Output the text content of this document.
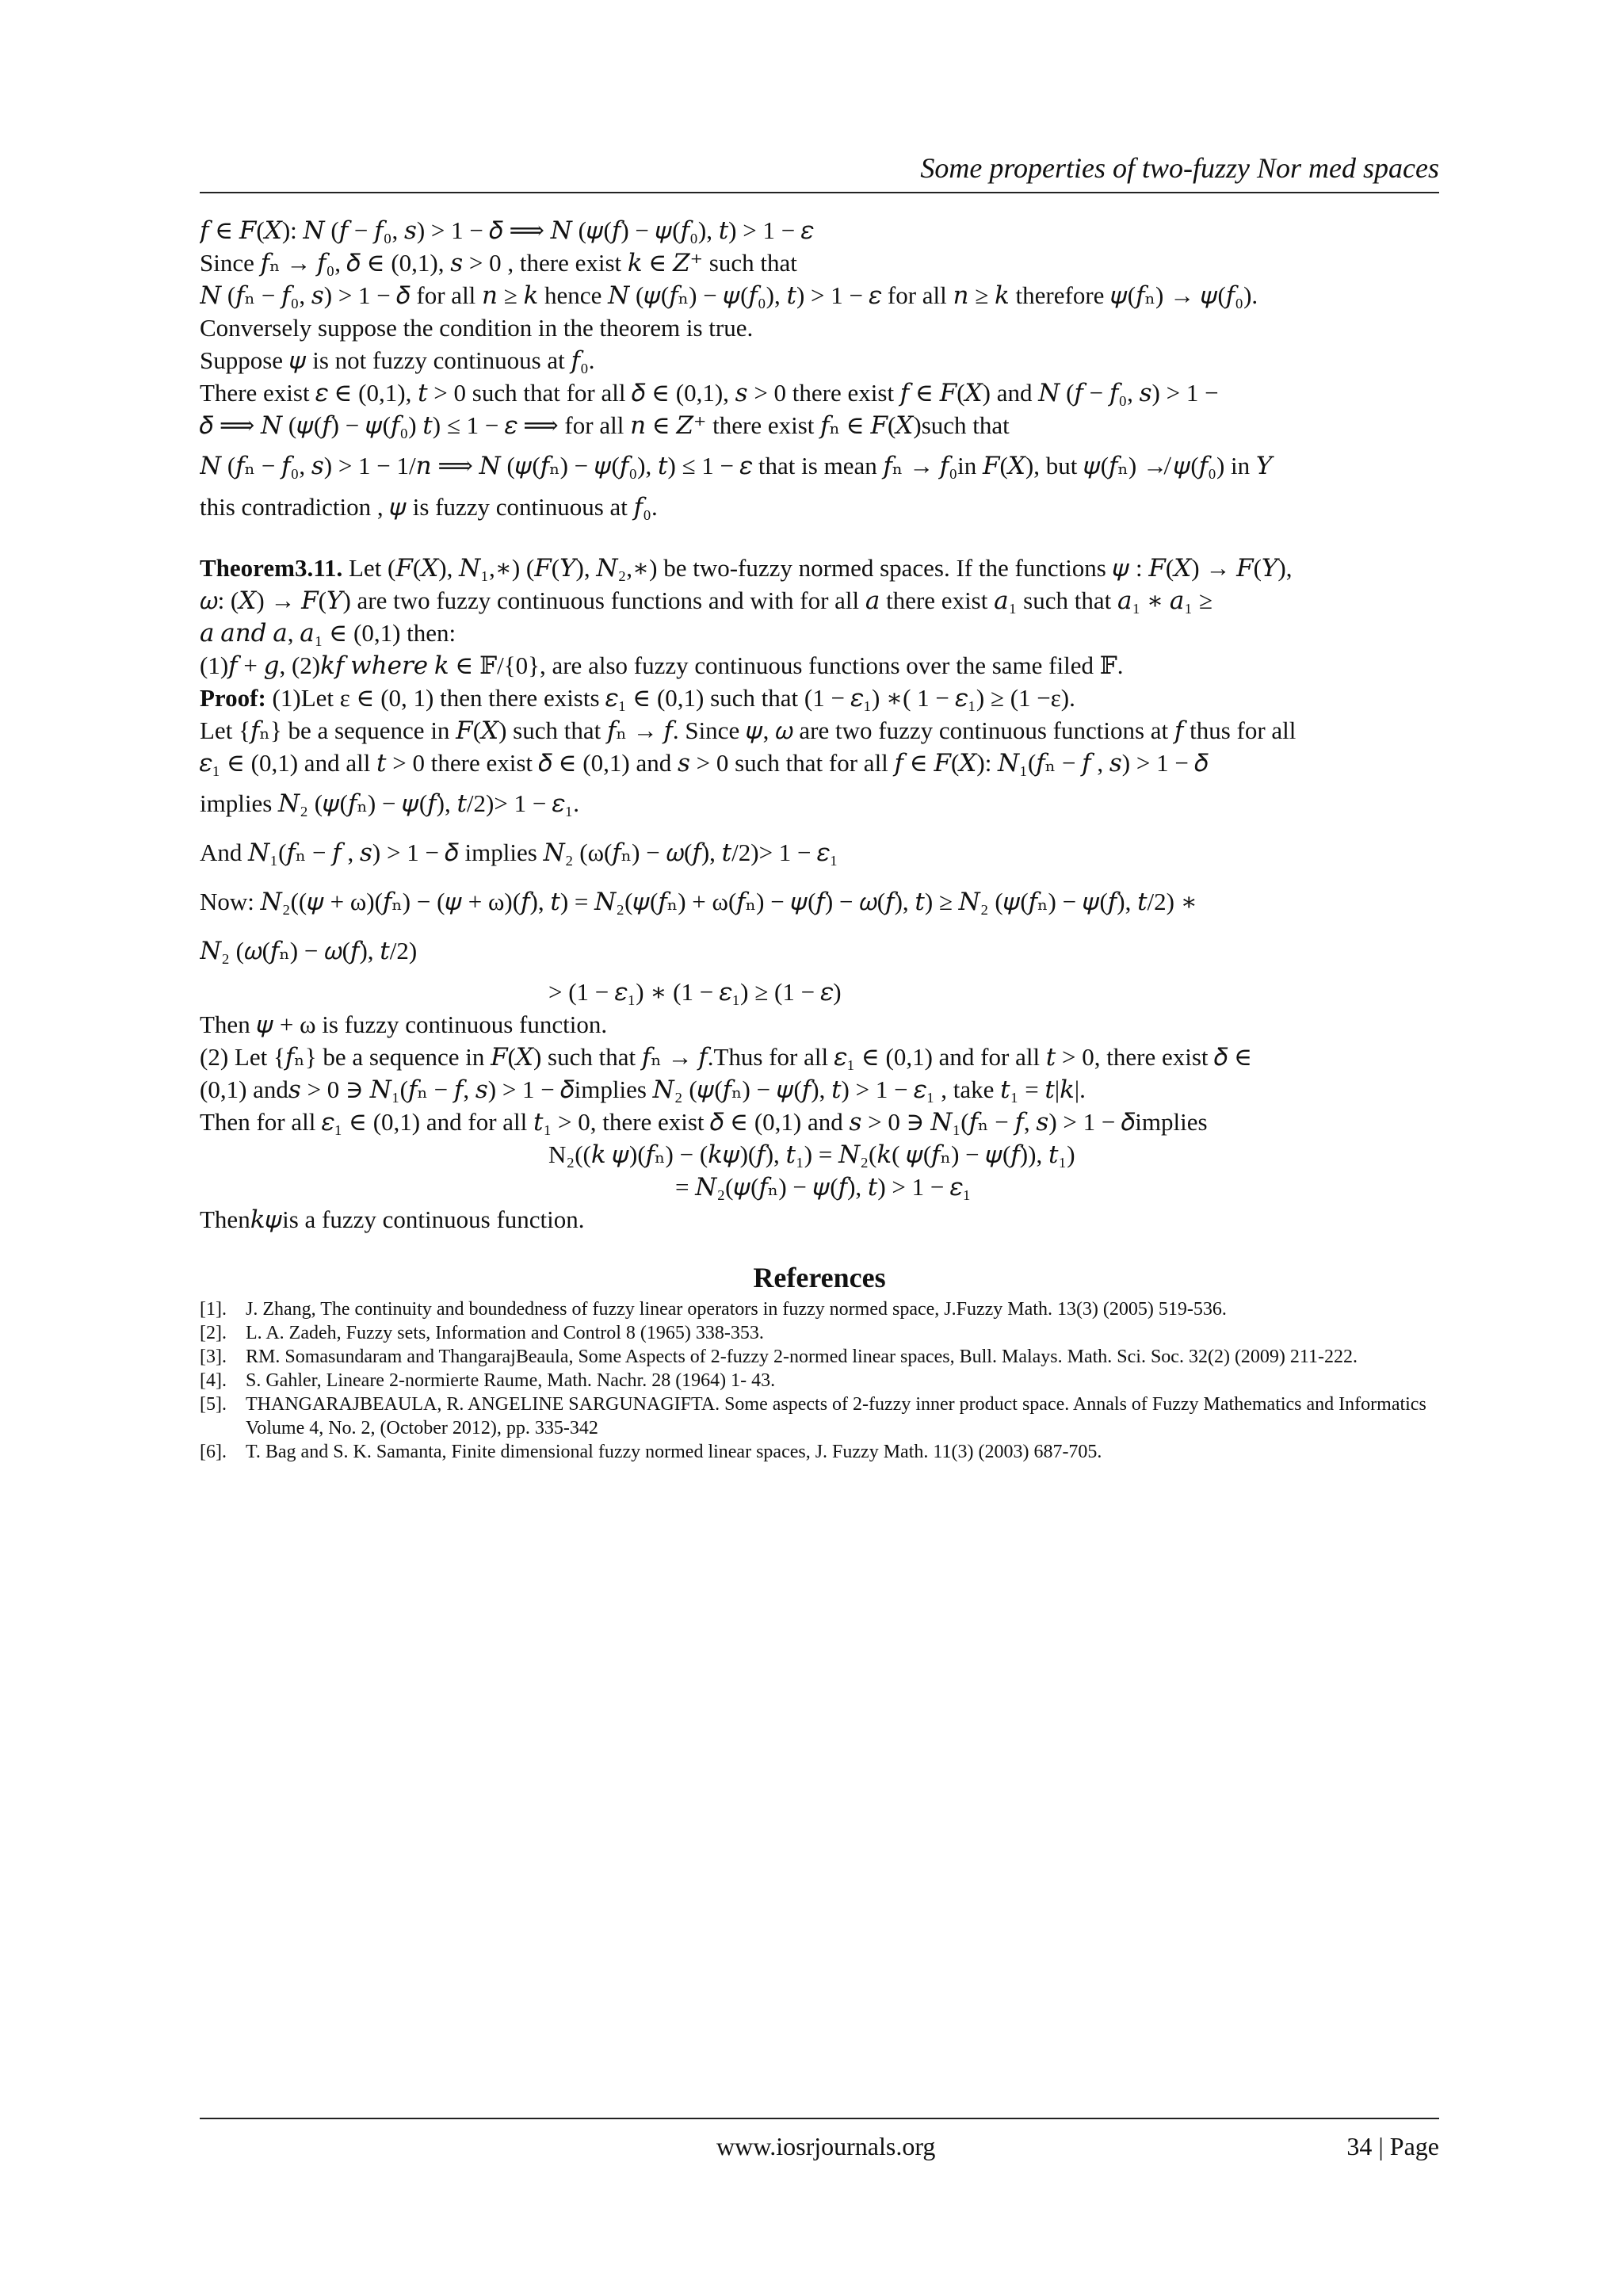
Some properties of two-fuzzy Nor med spaces
𝑓 ∈ 𝐹(𝑋): 𝑁 (𝑓 − 𝑓₀, 𝑠) > 1 − 𝛿 ⟹ 𝑁 (𝜓(𝑓) − 𝜓(𝑓₀), 𝑡) > 1 − 𝜀
Since 𝑓ₙ → 𝑓₀, 𝛿 ∈ (0,1), 𝑠 > 0 , there exist 𝑘 ∈ 𝑍⁺ such that
𝑁 (𝑓ₙ − 𝑓₀, 𝑠) > 1 − 𝛿 for all 𝑛 ≥ 𝑘 hence 𝑁 (𝜓(𝑓ₙ) − 𝜓(𝑓₀), 𝑡) > 1 − 𝜀 for all 𝑛 ≥ 𝑘 therefore 𝜓(𝑓ₙ) → 𝜓(𝑓₀).
Conversely suppose the condition in the theorem is true.
Suppose 𝜓 is not fuzzy continuous at 𝑓₀.
There exist 𝜀 ∈ (0,1), 𝑡 > 0 such that for all 𝛿 ∈ (0,1), 𝑠 > 0 there exist 𝑓 ∈ 𝐹(𝑋) and 𝑁 (𝑓 − 𝑓₀, 𝑠) > 1 −
𝛿 ⟹ 𝑁 (𝜓(𝑓) − 𝜓(𝑓₀) 𝑡) ≤ 1 − 𝜀 ⟹ for all 𝑛 ∈ 𝑍⁺ there exist 𝑓ₙ ∈ 𝐹(𝑋)such that
𝑁 (𝑓ₙ − 𝑓₀, 𝑠) > 1 − 1/𝑛 ⟹ 𝑁 (𝜓(𝑓ₙ) − 𝜓(𝑓₀), 𝑡) ≤ 1 − 𝜀 that is mean 𝑓ₙ → 𝑓₀in 𝐹(𝑋), but 𝜓(𝑓ₙ) ↛ 𝜓(𝑓₀) in 𝑌
this contradiction , 𝜓 is fuzzy continuous at 𝑓₀.
Theorem3.11. Let (𝐹(𝑋), 𝑁₁,∗) (𝐹(𝑌), 𝑁₂,∗) be two-fuzzy normed spaces. If the functions 𝜓 : 𝐹(𝑋) → 𝐹(𝑌),
𝜔: (𝑋) → 𝐹(𝑌) are two fuzzy continuous functions and with for all 𝑎 there exist 𝑎₁ such that 𝑎₁ ∗ 𝑎₁ ≥
𝑎 𝑎𝑛𝑑 𝑎, 𝑎₁ ∈ (0,1) then:
(1)𝑓 + 𝑔, (2)𝑘𝑓 𝑤ℎ𝑒𝑟𝑒 𝑘 ∈ 𝔽/{0}, are also fuzzy continuous functions over the same filed 𝔽.
Proof: (1)Let ε ∈ (0, 1) then there exists 𝜀₁ ∈ (0,1) such that (1 − 𝜀₁) ∗( 1 − 𝜀₁) ≥ (1 −ε).
Let {𝑓ₙ} be a sequence in 𝐹(𝑋) such that 𝑓ₙ → 𝑓. Since 𝜓, 𝜔 are two fuzzy continuous functions at 𝑓 thus for all
𝜀₁ ∈ (0,1) and all 𝑡 > 0 there exist 𝛿 ∈ (0,1) and 𝑠 > 0 such that for all 𝑓 ∈ 𝐹(𝑋): 𝑁₁(𝑓ₙ − 𝑓 , 𝑠) > 1 − 𝛿
implies 𝑁₂ (𝜓(𝑓ₙ) − 𝜓(𝑓), 𝑡/2)> 1 − 𝜀₁.
And 𝑁₁(𝑓ₙ − 𝑓 , 𝑠) > 1 − 𝛿 implies 𝑁₂ (ω(𝑓ₙ) − 𝜔(𝑓), 𝑡/2)> 1 − 𝜀₁
Now: 𝑁₂((𝜓 + ω)(𝑓ₙ) − (𝜓 + ω)(𝑓), 𝑡) = 𝑁₂(𝜓(𝑓ₙ) + ω(𝑓ₙ) − 𝜓(𝑓) − 𝜔(𝑓), 𝑡) ≥ 𝑁₂ (𝜓(𝑓ₙ) − 𝜓(𝑓), 𝑡/2) ∗
𝑁₂ (𝜔(𝑓ₙ) − 𝜔(𝑓), 𝑡/2)
> (1 − 𝜀₁) ∗ (1 − 𝜀₁) ≥ (1 − 𝜀)
Then 𝜓 + ω is fuzzy continuous function.
(2) Let {𝑓ₙ} be a sequence in 𝐹(𝑋) such that 𝑓ₙ → 𝑓.Thus for all 𝜀₁ ∈ (0,1) and for all 𝑡 > 0, there exist 𝛿 ∈
(0,1) and𝑠 > 0 ∋ 𝑁₁(𝑓ₙ − 𝑓, 𝑠) > 1 − 𝛿implies 𝑁₂ (𝜓(𝑓ₙ) − 𝜓(𝑓), 𝑡) > 1 − 𝜀₁ , take 𝑡₁ = 𝑡|𝑘|.
Then for all 𝜀₁ ∈ (0,1) and for all 𝑡₁ > 0, there exist 𝛿 ∈ (0,1) and 𝑠 > 0 ∋ 𝑁₁(𝑓ₙ − 𝑓, 𝑠) > 1 − 𝛿implies
N₂((𝑘 𝜓)(𝑓ₙ) − (𝑘𝜓)(𝑓), 𝑡₁) = 𝑁₂(𝑘( 𝜓(𝑓ₙ) − 𝜓(𝑓)), 𝑡₁)
= 𝑁₂(𝜓(𝑓ₙ) − 𝜓(𝑓), 𝑡) > 1 − 𝜀₁
Then𝑘𝜓is a fuzzy continuous function.
References
[1].	J. Zhang, The continuity and boundedness of fuzzy linear operators in fuzzy normed space, J.Fuzzy Math. 13(3) (2005) 519-536.
[2].	L. A. Zadeh, Fuzzy sets, Information and Control 8 (1965) 338-353.
[3].	RM. Somasundaram and ThangarajBeaula, Some Aspects of 2-fuzzy 2-normed linear spaces, Bull. Malays. Math. Sci. Soc. 32(2) (2009) 211-222.
[4].	S. Gahler, Lineare 2-normierte Raume, Math. Nachr. 28 (1964) 1- 43.
[5].	THANGARAJBEAULA, R. ANGELINE SARGUNAGIFTA. Some aspects of 2-fuzzy inner product space. Annals of Fuzzy Mathematics and Informatics Volume 4, No. 2, (October 2012), pp. 335-342
[6].	T. Bag and S. K. Samanta, Finite dimensional fuzzy normed linear spaces, J. Fuzzy Math. 11(3) (2003) 687-705.
www.iosrjournals.org	34 | Page
